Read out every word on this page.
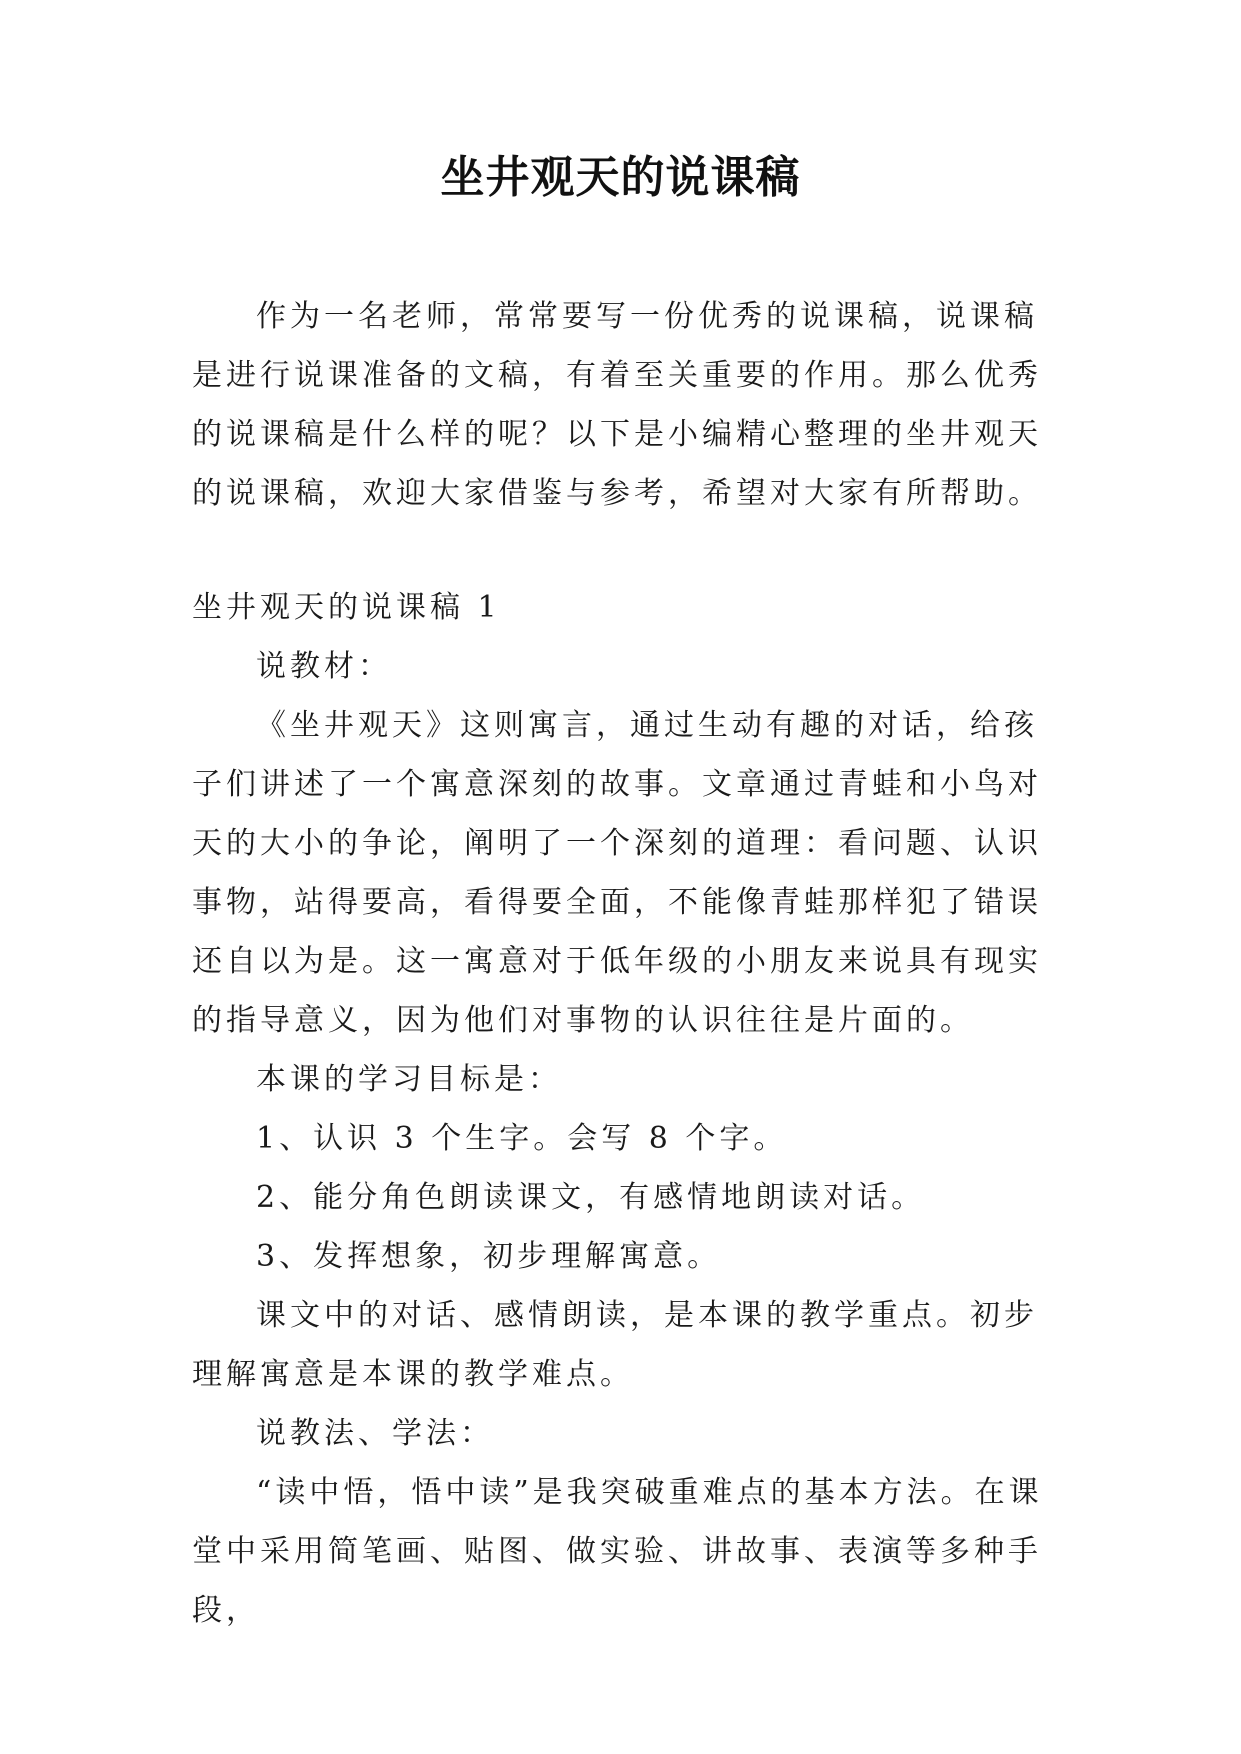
坐井观天的说课稿

作为一名老师，常常要写一份优秀的说课稿，说课稿是进行说课准备的文稿，有着至关重要的作用。那么优秀的说课稿是什么样的呢？以下是小编精心整理的坐井观天的说课稿，欢迎大家借鉴与参考，希望对大家有所帮助。

坐井观天的说课稿 1

说教材：

《坐井观天》这则寓言，通过生动有趣的对话，给孩子们讲述了一个寓意深刻的故事。文章通过青蛙和小鸟对天的大小的争论，阐明了一个深刻的道理：看问题、认识事物，站得要高，看得要全面，不能像青蛙那样犯了错误还自以为是。这一寓意对于低年级的小朋友来说具有现实的指导意义，因为他们对事物的认识往往是片面的。

本课的学习目标是：

1、认识 3 个生字。会写 8 个字。

2、能分角色朗读课文，有感情地朗读对话。

3、发挥想象，初步理解寓意。

课文中的对话、感情朗读，是本课的教学重点。初步理解寓意是本课的教学难点。

说教法、学法：

“读中悟，悟中读”是我突破重难点的基本方法。在课堂中采用简笔画、贴图、做实验、讲故事、表演等多种手段，
